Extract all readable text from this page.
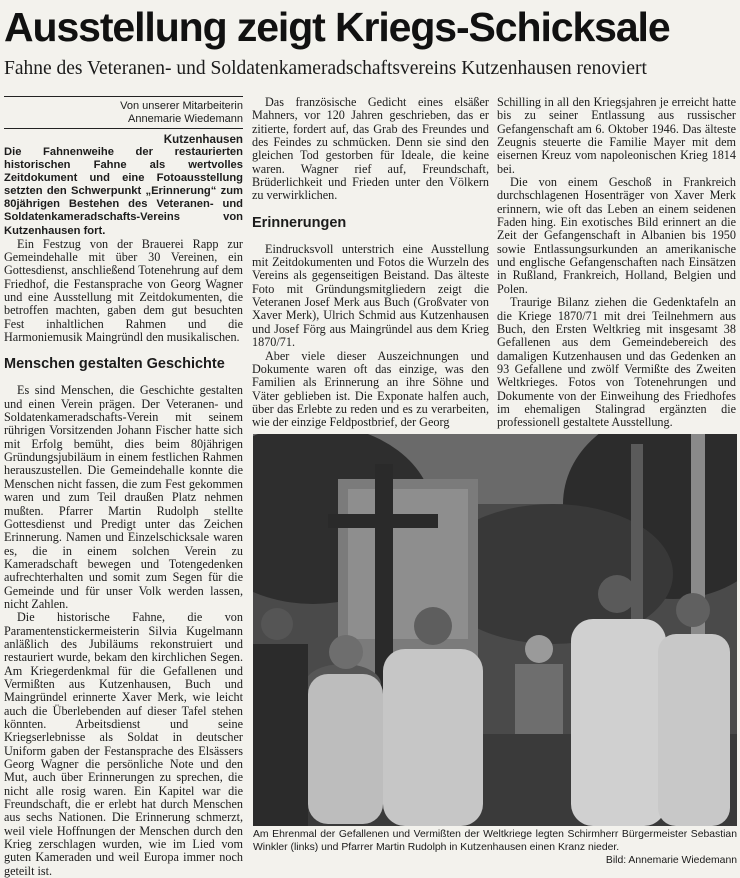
Ausstellung zeigt Kriegs-Schicksale
Fahne des Veteranen- und Soldatenkameradschaftsvereins Kutzenhausen renoviert
Von unserer Mitarbeiterin
Annemarie Wiedemann
Kutzenhausen

Die Fahnenweihe der restaurierten historischen Fahne als wertvolles Zeitdokument und eine Fotoausstellung setzten den Schwerpunkt „Erinnerung“ zum 80jährigen Bestehen des Veteranen- und Soldatenkameradschafts-Vereins von Kutzenhausen fort.

Ein Festzug von der Brauerei Rapp zur Gemeindehalle mit über 30 Vereinen, ein Gottesdienst, anschließend Totenehrung auf dem Friedhof, die Festansprache von Georg Wagner und eine Ausstellung mit Zeitdokumenten, die betroffen machten, gaben dem gut besuchten Fest inhaltlichen Rahmen und die Harmoniemusik Maingründl den musikalischen.

Menschen gestalten Geschichte

Es sind Menschen, die Geschichte gestalten und einen Verein prägen. Der Veteranen- und Soldatenkameradschafts-Verein mit seinem rührigen Vorsitzenden Johann Fischer hatte sich mit Erfolg bemüht, dies beim 80jährigen Gründungsjubiläum in einem festlichen Rahmen herauszustellen. Die Gemeindehalle konnte die Menschen nicht fassen, die zum Fest gekommen waren und zum Teil draußen Platz nehmen mußten. Pfarrer Martin Rudolph stellte Gottesdienst und Predigt unter das Zeichen Erinnerung. Namen und Einzelschicksale waren es, die in einem solchen Verein zu Kameradschaft bewegen und Totengedenken aufrechterhalten und somit zum Segen für die Gemeinde und für unser Volk werden lassen, nicht Zahlen.

Die historische Fahne, die von Paramentenstickermeisterin Silvia Kugelmann anläßlich des Jubiläums rekonstruiert und restauriert wurde, bekam den kirchlichen Segen. Am Kriegerdenkmal für die Gefallenen und Vermißten aus Kutzenhausen, Buch und Maingründel erinnerte Xaver Merk, wie leicht auch die Überlebenden auf dieser Tafel stehen könnten. Arbeitsdienst und seine Kriegserlebnisse als Soldat in deutscher Uniform gaben der Festansprache des Elsässers Georg Wagner die persönliche Note und den Mut, auch über Erinnerungen zu sprechen, die nicht alle rosig waren. Ein Kapitel war die Freundschaft, die er erlebt hat durch Menschen aus sechs Nationen. Die Erinnerung schmerzt, weil viele Hoffnungen der Menschen durch den Krieg zerschlagen wurden, wie im Lied vom guten Kameraden und weil Europa immer noch geteilt ist.

Das französische Gedicht eines elsäßer Mahners, vor 120 Jahren geschrieben, das er zitierte, fordert auf, das Grab des Freundes und des Feindes zu schmücken. Denn sie sind den gleichen Tod gestorben für Ideale, die keine waren. Wagner rief auf, Freundschaft, Brüderlichkeit und Frieden unter den Völkern zu verwirklichen.

Erinnerungen

Eindrucksvoll unterstrich eine Ausstellung mit Zeitdokumenten und Fotos die Wurzeln des Vereins als gegenseitigen Beistand. Das älteste Foto mit Gründungsmitgliedern zeigt die Veteranen Josef Merk aus Buch (Großvater von Xaver Merk), Ulrich Schmid aus Kutzenhausen und Josef Förg aus Maingründel aus dem Krieg 1870/71.

Aber viele dieser Auszeichnungen und Dokumente waren oft das einzige, was den Familien als Erinnerung an ihre Söhne und Väter geblieben ist. Die Exponate halfen auch, über das Erlebte zu reden und es zu verarbeiten, wie der einzige Feldpostbrief, der Georg

Schilling in all den Kriegsjahren je erreicht hatte bis zu seiner Entlassung aus russischer Gefangenschaft am 6. Oktober 1946. Das älteste Zeugnis steuerte die Familie Mayer mit dem eisernen Kreuz vom napoleonischen Krieg 1814 bei.

Die von einem Geschoß in Frankreich durchschlagenen Hosenträger von Xaver Merk erinnern, wie oft das Leben an einem seidenen Faden hing. Ein exotisches Bild erinnert an die Zeit der Gefangenschaft in Albanien bis 1950 sowie Entlassungsurkunden an amerikanische und englische Gefangenschaften nach Einsätzen in Rußland, Frankreich, Holland, Belgien und Polen.

Traurige Bilanz ziehen die Gedenktafeln an die Kriege 1870/71 mit drei Teilnehmern aus Buch, den Ersten Weltkrieg mit insgesamt 38 Gefallenen aus dem Gemeindebereich des damaligen Kutzenhausen und das Gedenken an 93 Gefallene und zwölf Vermißte des Zweiten Weltkrieges. Fotos von Totenehrungen und Dokumente von der Einweihung des Friedhofes im ehemaligen Stalingrad ergänzten die professionell gestaltete Ausstellung.

Am Ehrenmal der Gefallenen und Vermißten der Weltkriege legten Schirmherr Bürgermeister Sebastian Winkler (links) und Pfarrer Martin Rudolph in Kutzenhausen einen Kranz nieder.
Bild: Annemarie Wiedemann
